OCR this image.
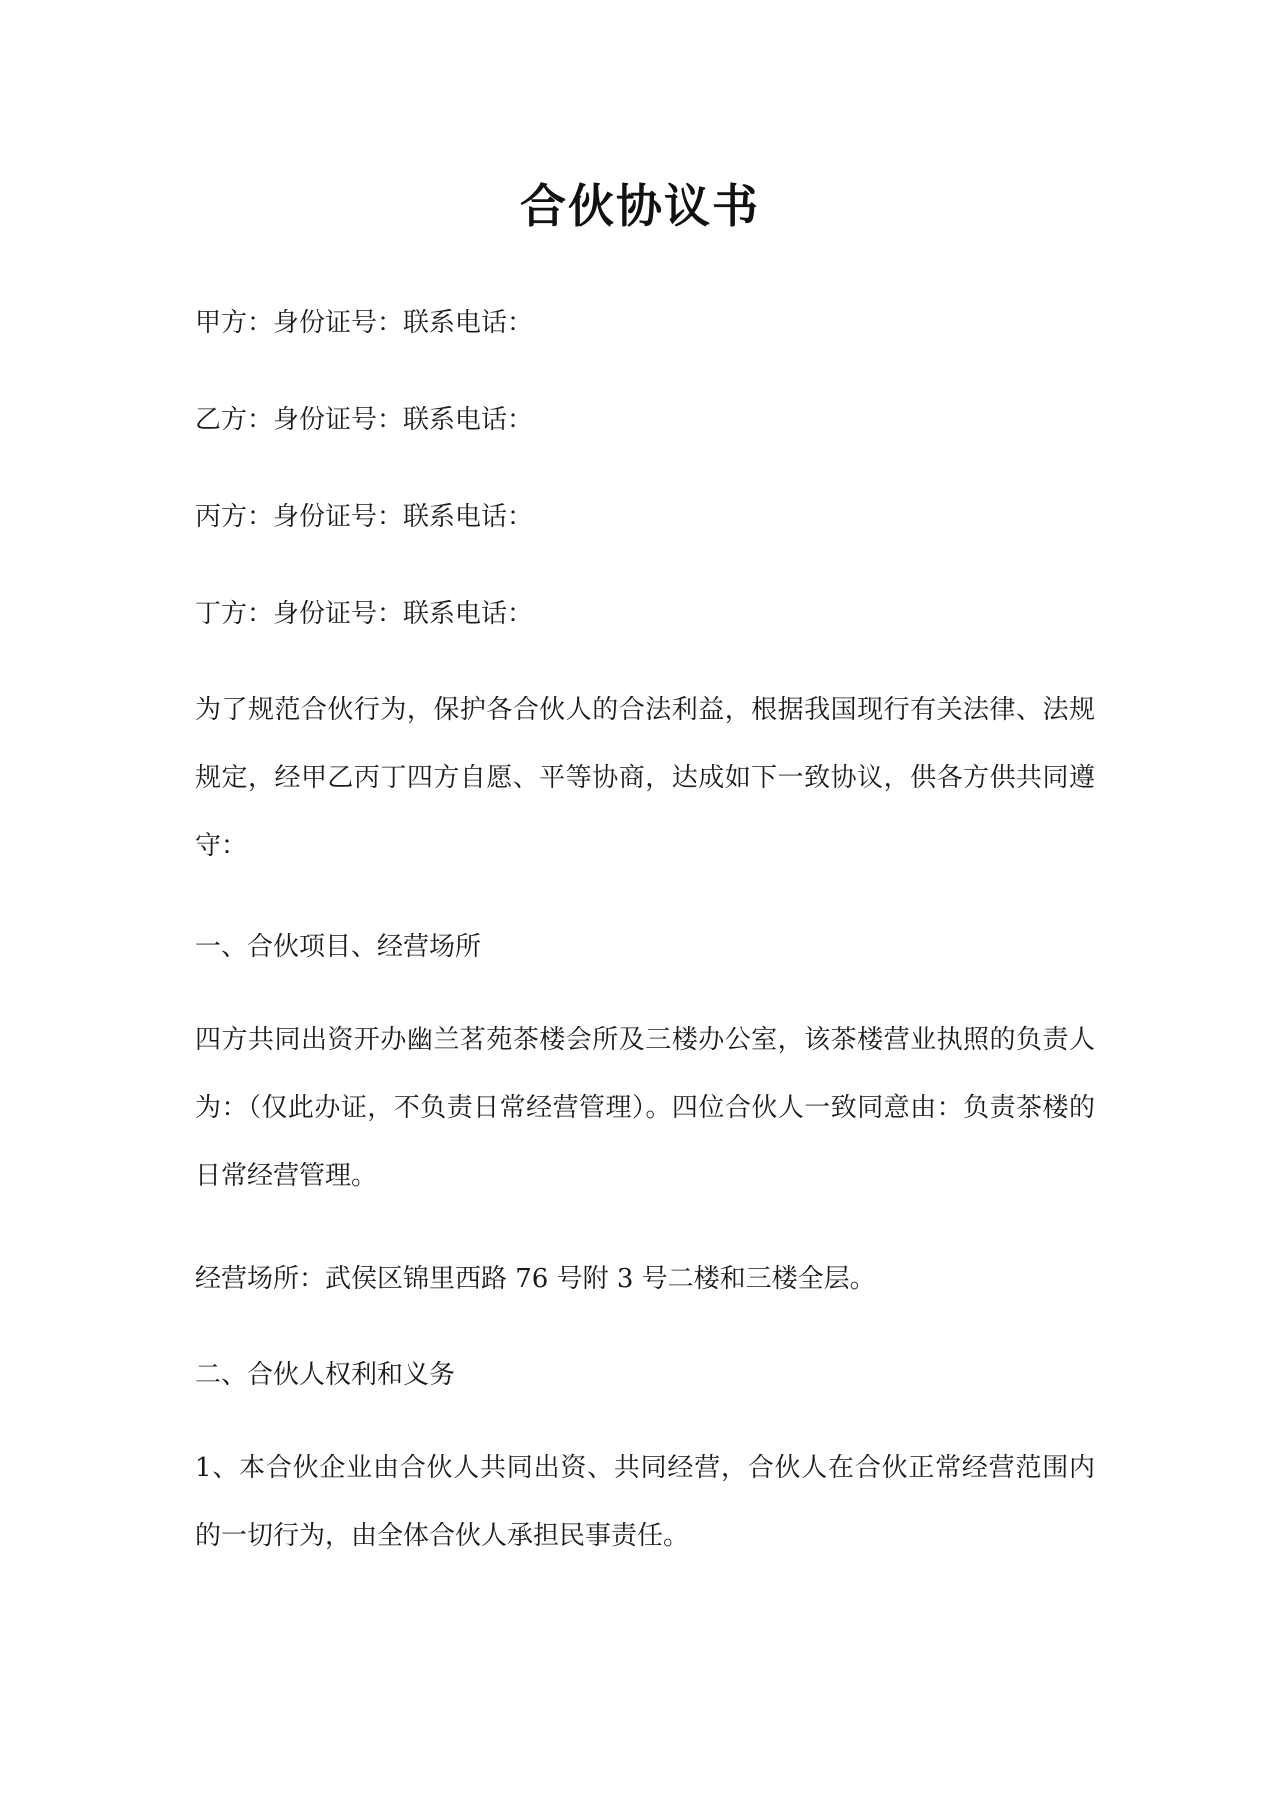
合伙协议书
甲方：身份证号：联系电话：
乙方：身份证号：联系电话：
丙方：身份证号：联系电话：
丁方：身份证号：联系电话：
为了规范合伙行为，保护各合伙人的合法利益，根据我国现行有关法律、法规规定，经甲乙丙丁四方自愿、平等协商，达成如下一致协议，供各方供共同遵守：
一、合伙项目、经营场所
四方共同出资开办幽兰茗苑茶楼会所及三楼办公室，该茶楼营业执照的负责人为：（仅此办证，不负责日常经营管理）。四位合伙人一致同意由：负责茶楼的日常经营管理。
经营场所：武侯区锦里西路 76 号附 3 号二楼和三楼全层。
二、合伙人权利和义务
1、本合伙企业由合伙人共同出资、共同经营，合伙人在合伙正常经营范围内的一切行为，由全体合伙人承担民事责任。
